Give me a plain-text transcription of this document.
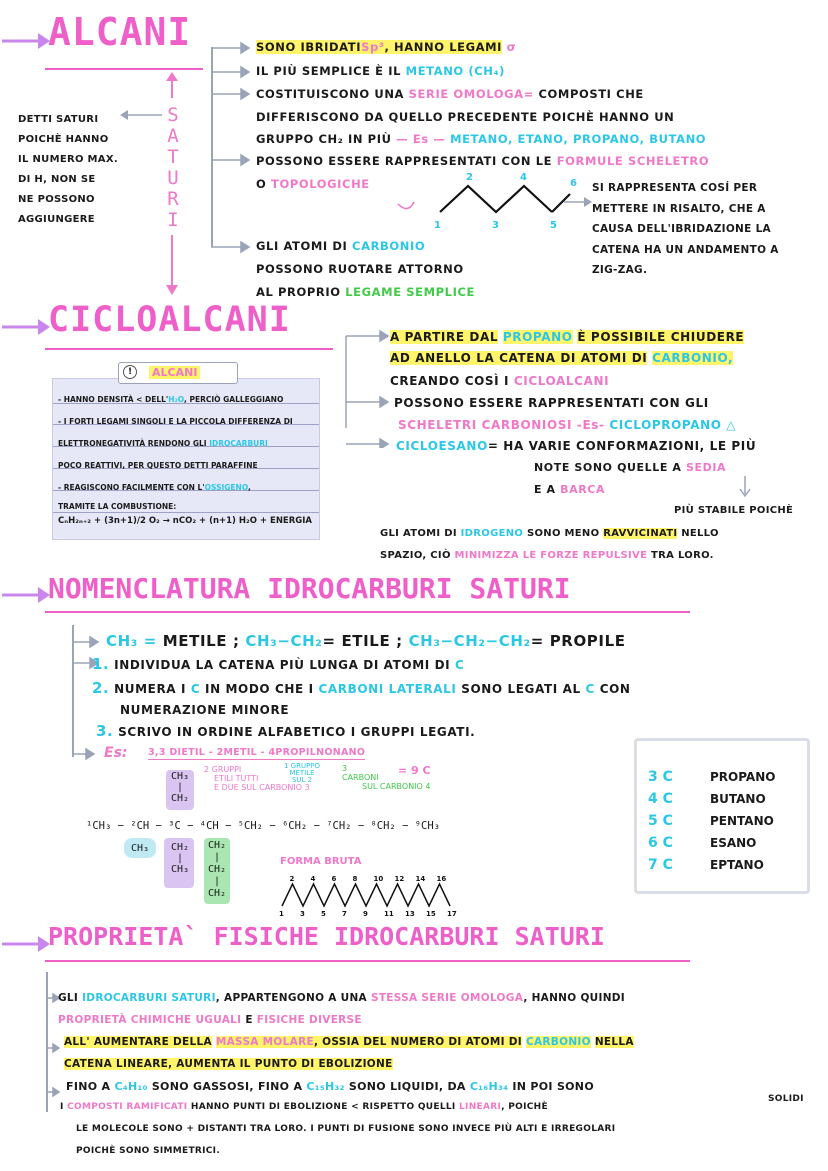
ALCANI
S
A
T
U
R
I
DETTI SATURI
POICHÈ HANNO
IL NUMERO MAX.
DI H, NON SE
NE POSSONO
AGGIUNGERE
SONO IBRIDATISp³, HANNO LEGAMI σ
IL PIÙ SEMPLICE È IL METANO (CH₄)
COSTITUISCONO UNA SERIE OMOLOGA= COMPOSTI CHE
DIFFERISCONO DA QUELLO PRECEDENTE POICHÈ HANNO UN
GRUPPO CH₂ IN PIÙ — Es — METANO, ETANO, PROPANO, BUTANO
POSSONO ESSERE RAPPRESENTATI CON LE FORMULE SCHELETRO
O TOPOLOGICHE
1
2
3
4
5
6 SI RAPPRESENTA COSÍ PER
METTERE IN RISALTO, CHE A
CAUSA DELL'IBRIDAZIONE LA
CATENA HA UN ANDAMENTO A
ZIG-ZAG.
GLI ATOMI DI CARBONIO
POSSONO RUOTARE ATTORNO
AL PROPRIO LEGAME SEMPLICE
CICLOALCANI
!	ALCANI
- HANNO DENSITÀ < DELL'H₂O, PERCIÒ GALLEGGIANO
- I FORTI LEGAMI SINGOLI E LA PICCOLA DIFFERENZA DI
ELETTRONEGATIVITÀ RENDONO GLI IDROCARBURI
POCO REATTIVI, PER QUESTO DETTI PARAFFINE
- REAGISCONO FACILMENTE CON L'OSSIGENO,
TRAMITE LA COMBUSTIONE:
CₙH₂ₙ₊₂ + (3n+1)/2 O₂ → nCO₂ + (n+1) H₂O + ENERGIA
A PARTIRE DAL PROPANO È POSSIBILE CHIUDERE
AD ANELLO LA CATENA DI ATOMI DI CARBONIO,
CREANDO COSÌ I CICLOALCANI
POSSONO ESSERE RAPPRESENTATI CON GLI
SCHELETRI CARBONIOSI -Es- CICLOPROPANO △
CICLOESANO= HA VARIE CONFORMAZIONI, LE PIÙ
NOTE SONO QUELLE A SEDIA
E A BARCA
PIÙ STABILE POICHÈ
GLI ATOMI DI IDROGENO SONO MENO RAVVICINATI NELLO
SPAZIO, CIÒ MINIMIZZA LE FORZE REPULSIVE TRA LORO.
NOMENCLATURA IDROCARBURI SATURI
CH₃ = METILE ; CH₃−CH₂= ETILE ; CH₃−CH₂−CH₂= PROPILE
1. INDIVIDUA LA CATENA PIÙ LUNGA DI ATOMI DI C
2. NUMERA I C IN MODO CHE I CARBONI LATERALI SONO LEGATI AL C CON
NUMERAZIONE MINORE
3. SCRIVO IN ORDINE ALFABETICO I GRUPPI LEGATI.
Es: 3,3 DIETIL - 2METIL - 4PROPILNONANO
2 GRUPPI
ETILI TUTTI
E DUE SUL CARBONIO 3
1 GRUPPO
METILE
SUL 2
3
CARBONI
SUL CARBONIO 4
= 9 C
CH₃
|
CH₂
¹CH₃ − ²CH − ³C − ⁴CH − ⁵CH₂ − ⁶CH₂ − ⁷CH₂ − ⁸CH₂ − ⁹CH₃
CH₃ CH₂
|
CH₃
CH₂
|
CH₂
|
CH₂
FORMA BRUTA
2 4 6 8 10 12 14 16
1 3 5 7 9 11 13 15 17
3 C	PROPANO
4 C	BUTANO
5 C	PENTANO
6 C	ESANO
7 C	EPTANO
PROPRIETA` FISICHE IDROCARBURI SATURI
GLI IDROCARBURI SATURI, APPARTENGONO A UNA STESSA SERIE OMOLOGA, HANNO QUINDI
PROPRIETÀ CHIMICHE UGUALI E FISICHE DIVERSE
ALL' AUMENTARE DELLA MASSA MOLARE, OSSIA DEL NUMERO DI ATOMI DI CARBONIO NELLA
CATENA LINEARE, AUMENTA IL PUNTO DI EBOLIZIONE
FINO A C₄H₁₀ SONO GASSOSI, FINO A C₁₅H₃₂ SONO LIQUIDI, DA C₁₆H₃₄ IN POI SONO
SOLIDI
I COMPOSTI RAMIFICATI HANNO PUNTI DI EBOLIZIONE < RISPETTO QUELLI LINEARI, POICHÈ
LE MOLECOLE SONO + DISTANTI TRA LORO. I PUNTI DI FUSIONE SONO INVECE PIÙ ALTI E IRREGOLARI
POICHÈ SONO SIMMETRICI.
